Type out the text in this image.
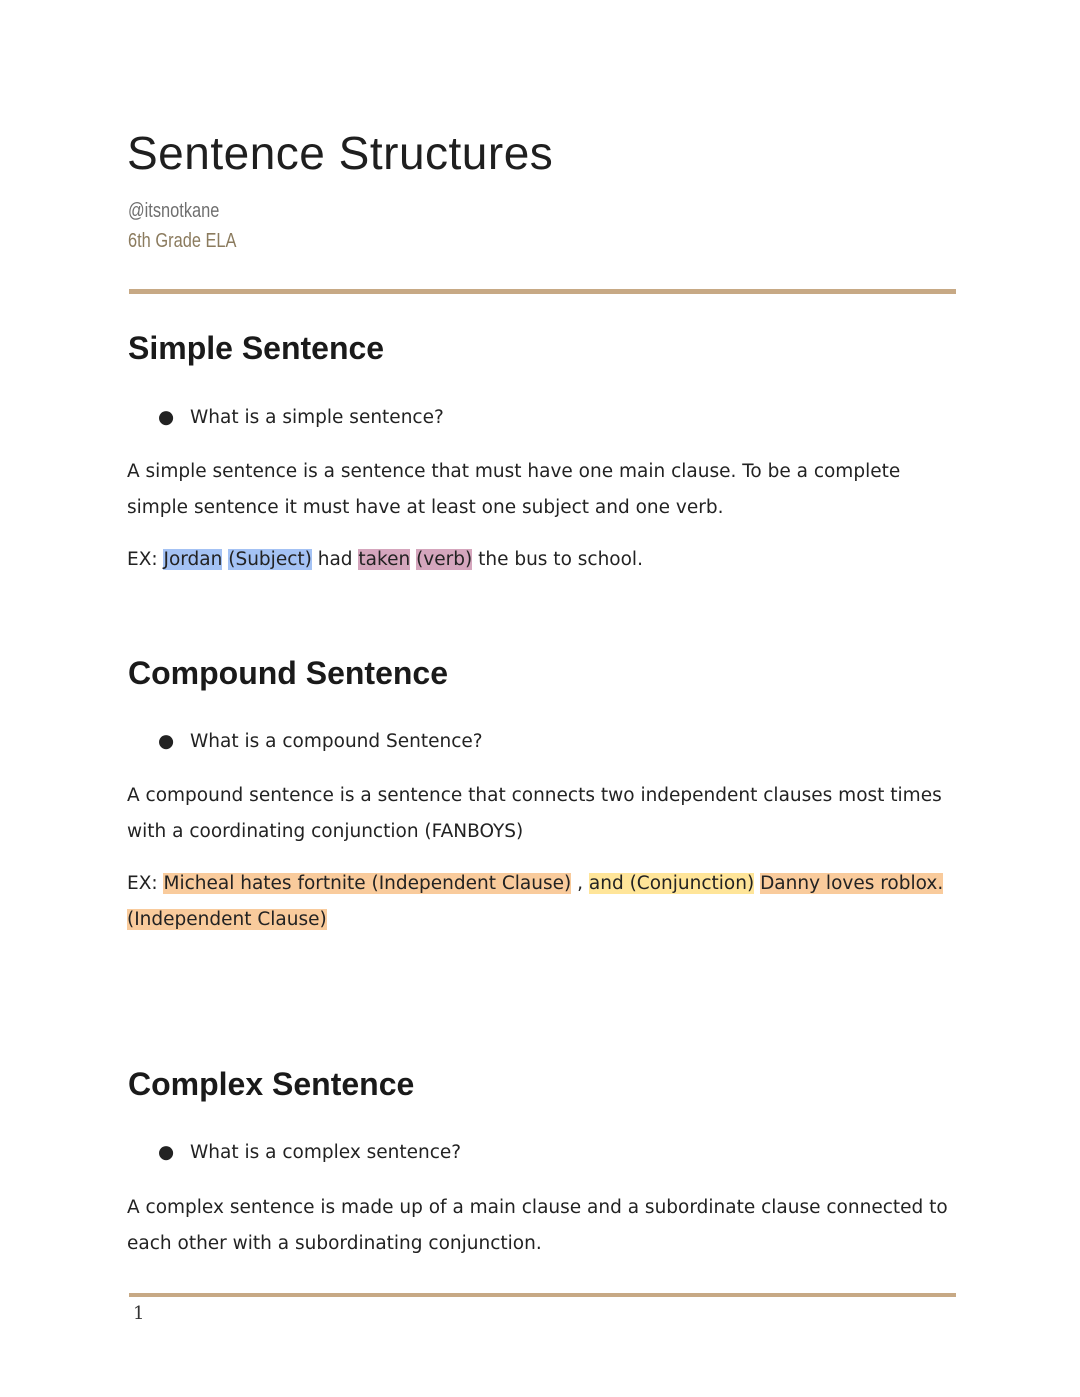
Sentence Structures
@itsnotkane
6th Grade ELA
Simple Sentence
● What is a simple sentence?

A simple sentence is a sentence that must have one main clause. To be a complete simple sentence it must have at least one subject and one verb.

EX: Jordan (Subject) had taken (verb) the bus to school.

Compound Sentence
● What is a compound Sentence?

A compound sentence is a sentence that connects two independent clauses most times with a coordinating conjunction (FANBOYS)

EX: Micheal hates fortnite (Independent Clause) , and (Conjunction) Danny loves roblox. (Independent Clause)

Complex Sentence
● What is a complex sentence?

A complex sentence is made up of a main clause and a subordinate clause connected to each other with a subordinating conjunction.

1
